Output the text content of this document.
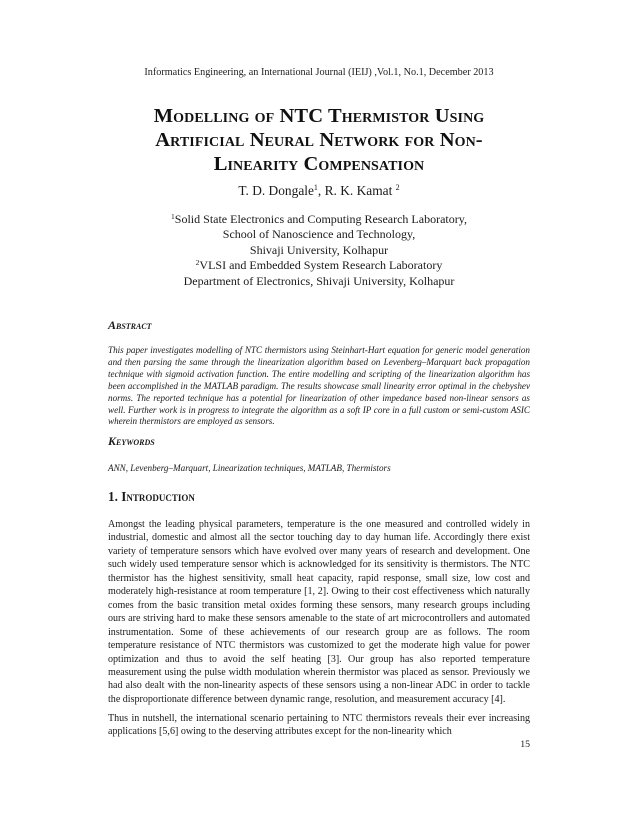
Informatics Engineering, an International Journal (IEIJ) ,Vol.1, No.1, December 2013
Modelling of NTC Thermistor Using
Artificial Neural Network for Non-
Linearity Compensation
T. D. Dongale$^1$, R. K. Kamat $^2$
$^1$Solid State Electronics and Computing Research Laboratory,
School of Nanoscience and Technology,
Shivaji University, Kolhapur
$^2$VLSI and Embedded System Research Laboratory
Department of Electronics, Shivaji University, Kolhapur
Abstract
This paper investigates modelling of NTC thermistors using Steinhart-Hart equation for generic model generation and then parsing the same through the linearization algorithm based on Levenberg–Marquart back propagation technique with sigmoid activation function. The entire modelling and scripting of the linearization algorithm has been accomplished in the MATLAB paradigm. The results showcase small linearity error optimal in the chebyshev norms. The reported technique has a potential for linearization of other impedance based non-linear sensors as well. Further work is in progress to integrate the algorithm as a soft IP core in a full custom or semi-custom ASIC wherein thermistors are employed as sensors.
Keywords
ANN, Levenberg–Marquart, Linearization techniques, MATLAB, Thermistors
1. Introduction
Amongst the leading physical parameters, temperature is the one measured and controlled widely in industrial, domestic and almost all the sector touching day to day human life. Accordingly there exist variety of temperature sensors which have evolved over many years of research and development. One such widely used temperature sensor which is acknowledged for its sensitivity is thermistors. The NTC thermistor has the highest sensitivity, small heat capacity, rapid response, small size, low cost and moderately high-resistance at room temperature [1, 2]. Owing to their cost effectiveness which naturally comes from the basic transition metal oxides forming these sensors, many research groups including ours are striving hard to make these sensors amenable to the state of art microcontrollers and automated instrumentation. Some of these achievements of our research group are as follows. The room temperature resistance of NTC thermistors was customized to get the moderate high value for power optimization and thus to avoid the self heating [3]. Our group has also reported temperature measurement using the pulse width modulation wherein thermistor was placed as sensor. Previously we had also dealt with the non-linearity aspects of these sensors using a non-linear ADC in order to tackle the disproportionate difference between dynamic range, resolution, and measurement accuracy [4].
Thus in nutshell, the international scenario pertaining to NTC thermistors reveals their ever increasing applications [5,6] owing to the deserving attributes except for the non-linearity which
15
